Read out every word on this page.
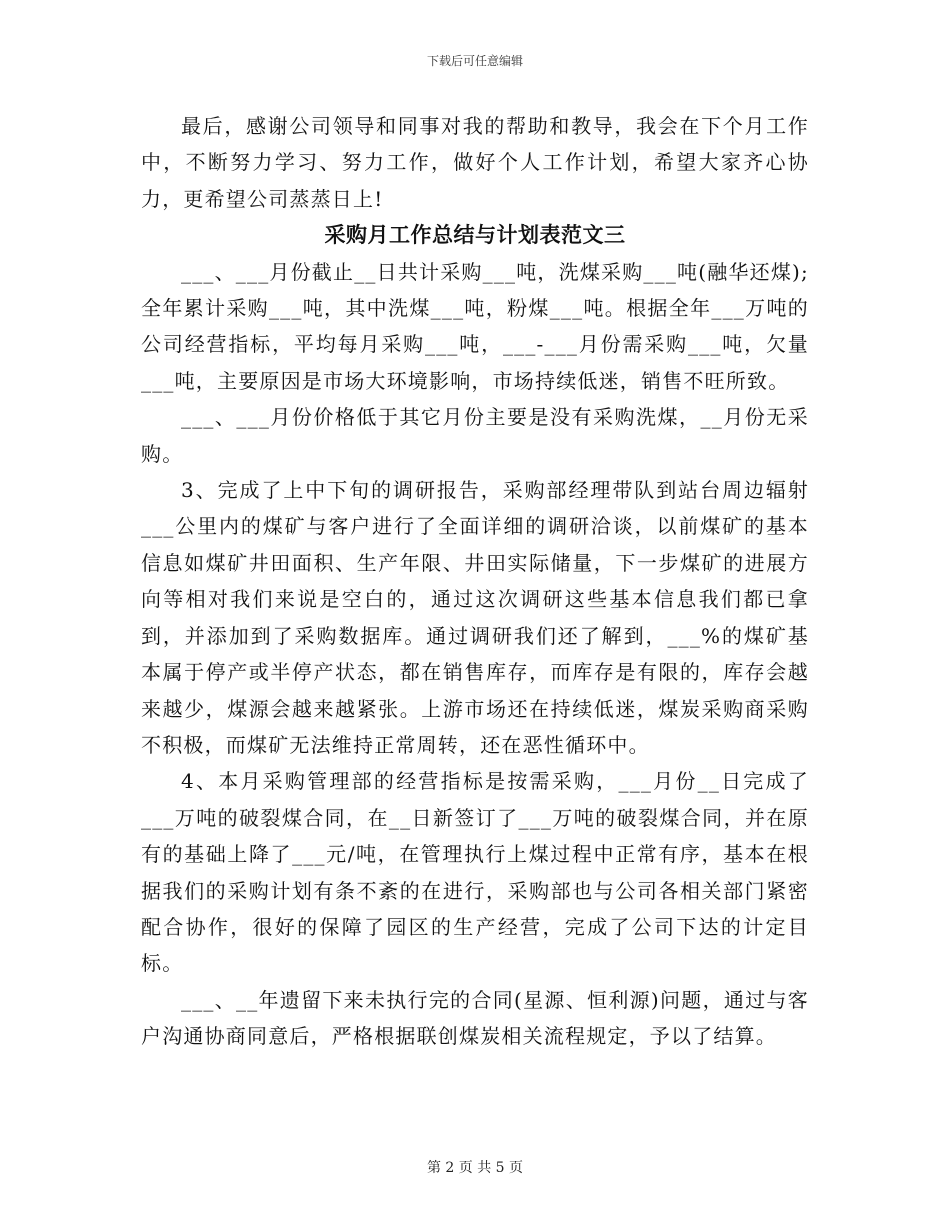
下载后可任意编辑

最后，感谢公司领导和同事对我的帮助和教导，我会在下个月工作中，不断努力学习、努力工作，做好个人工作计划，希望大家齐心协力，更希望公司蒸蒸日上!

采购月工作总结与计划表范文三

___、___月份截止__日共计采购___吨，洗煤采购___吨(融华还煤);全年累计采购___吨，其中洗煤___吨，粉煤___吨。根据全年___万吨的公司经营指标，平均每月采购___吨，___-___月份需采购___吨，欠量___吨，主要原因是市场大环境影响，市场持续低迷，销售不旺所致。

___、___月份价格低于其它月份主要是没有采购洗煤，__月份无采购。

3、完成了上中下旬的调研报告，采购部经理带队到站台周边辐射___公里内的煤矿与客户进行了全面详细的调研洽谈，以前煤矿的基本信息如煤矿井田面积、生产年限、井田实际储量，下一步煤矿的进展方向等相对我们来说是空白的，通过这次调研这些基本信息我们都已拿到，并添加到了采购数据库。通过调研我们还了解到，___%的煤矿基本属于停产或半停产状态，都在销售库存，而库存是有限的，库存会越来越少，煤源会越来越紧张。上游市场还在持续低迷，煤炭采购商采购不积极，而煤矿无法维持正常周转，还在恶性循环中。

4、本月采购管理部的经营指标是按需采购，___月份__日完成了___万吨的破裂煤合同，在__日新签订了___万吨的破裂煤合同，并在原有的基础上降了___元/吨，在管理执行上煤过程中正常有序，基本在根据我们的采购计划有条不紊的在进行，采购部也与公司各相关部门紧密配合协作，很好的保障了园区的生产经营，完成了公司下达的计定目标。

___、__年遗留下来未执行完的合同(星源、恒利源)问题，通过与客户沟通协商同意后，严格根据联创煤炭相关流程规定，予以了结算。

第 2 页 共 5 页
